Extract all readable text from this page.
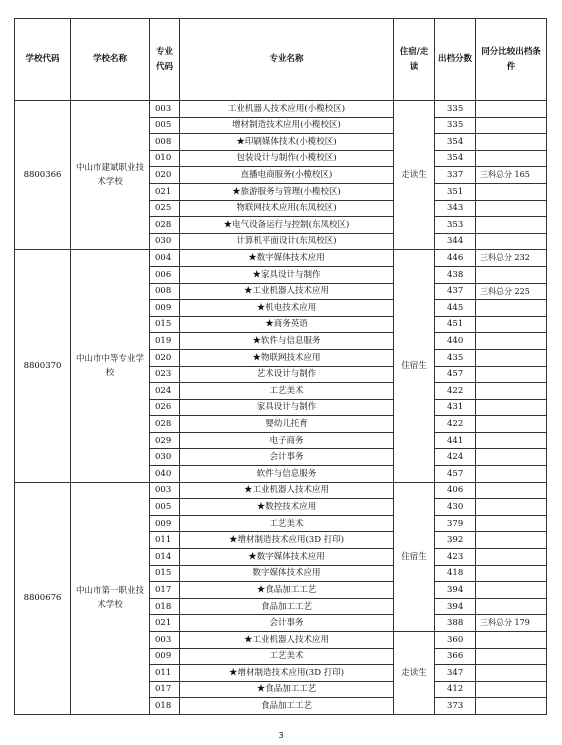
学校代码	学校名称	专业代码	专业名称	住宿/走读	出档分数	同分比较出档条件
8800366	中山市建斌职业技术学校	003	工业机器人技术应用(小榄校区)	走读生	335	
		005	增材制造技术应用(小榄校区)		335	
		008	★印刷媒体技术(小榄校区)		354	
		010	包装设计与制作(小榄校区)		354	
		020	直播电商服务(小榄校区)		337	三科总分 165
		021	★旅游服务与管理(小榄校区)		351	
		025	物联网技术应用(东凤校区)		343	
		028	★电气设备运行与控制(东凤校区)		353	
		030	计算机平面设计(东凤校区)		344	
8800370	中山市中等专业学校	004	★数字媒体技术应用	住宿生	446	三科总分 232
		006	★家具设计与制作		438	
		008	★工业机器人技术应用		437	三科总分 225
		009	★机电技术应用		445	
		015	★商务英语		451	
		019	★软件与信息服务		440	
		020	★物联网技术应用		435	
		023	艺术设计与制作		457	
		024	工艺美术		422	
		026	家具设计与制作		431	
		028	婴幼儿托育		422	
		029	电子商务		441	
		030	会计事务		424	
		040	软件与信息服务		457	
8800676	中山市第一职业技术学校	003	★工业机器人技术应用	住宿生	406	
		005	★数控技术应用		430	
		009	工艺美术		379	
		011	★增材制造技术应用(3D 打印)		392	
		014	★数字媒体技术应用		423	
		015	数字媒体技术应用		418	
		017	★食品加工工艺		394	
		018	食品加工工艺		394	
		021	会计事务		388	三科总分 179
		003	★工业机器人技术应用	走读生	360	
		009	工艺美术		366	
		011	★增材制造技术应用(3D 打印)		347	
		017	★食品加工工艺		412	
		018	食品加工工艺		373	
3
